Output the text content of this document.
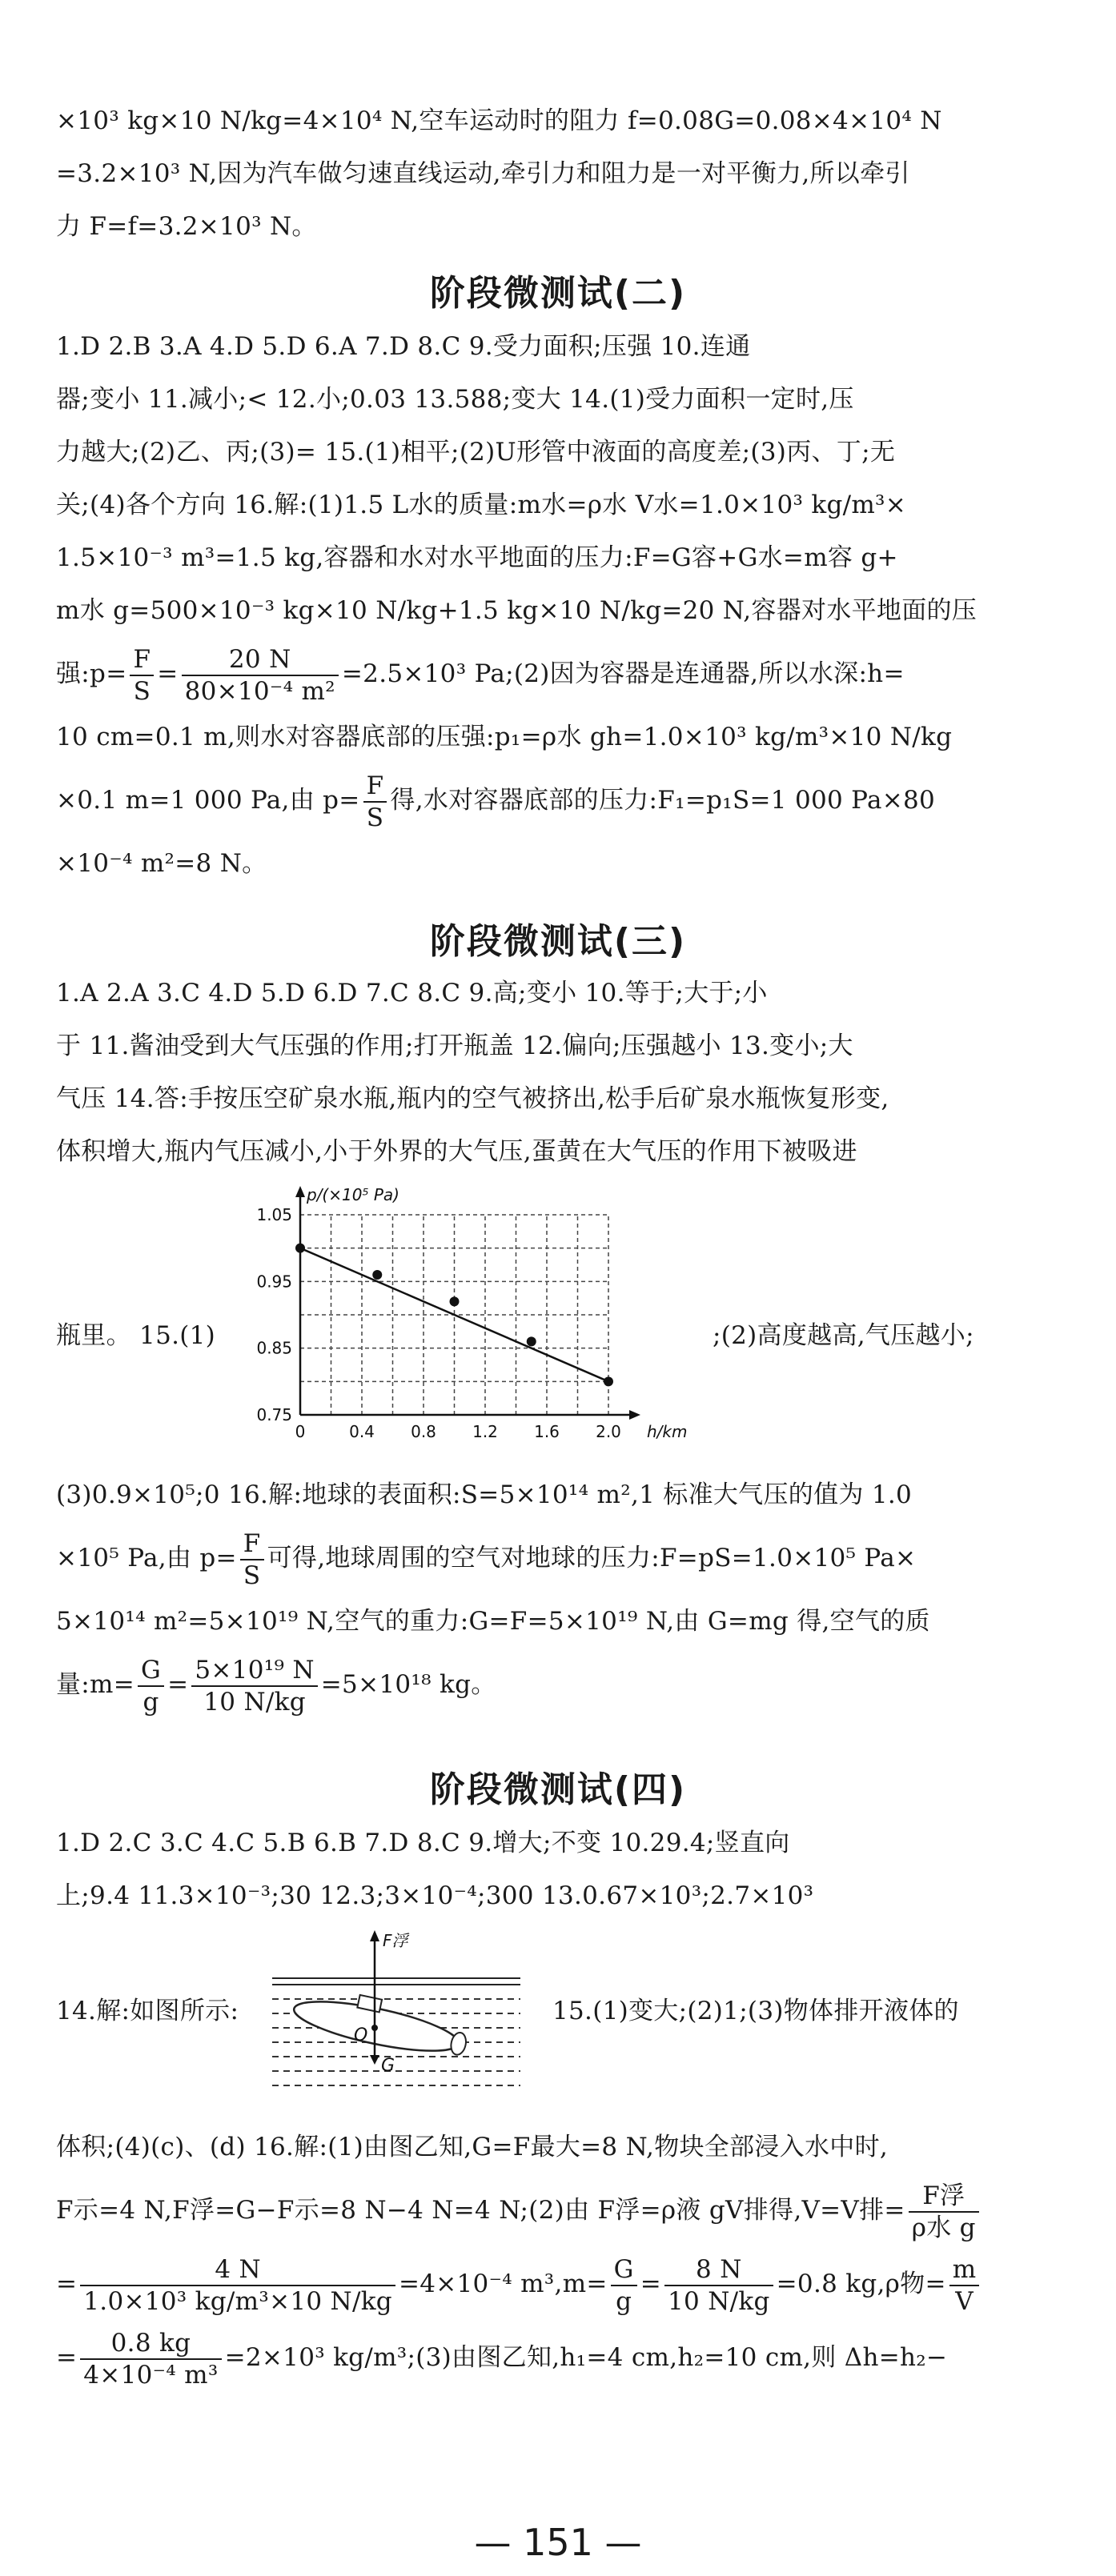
×10³ kg×10 N/kg=4×10⁴ N,空车运动时的阻力 f=0.08G=0.08×4×10⁴ N
=3.2×10³ N,因为汽车做匀速直线运动,牵引力和阻力是一对平衡力,所以牵引
力 F=f=3.2×10³ N。
阶段微测试(二)
1.D 2.B 3.A 4.D 5.D 6.A 7.D 8.C 9.受力面积;压强 10.连通
器;变小 11.减小;< 12.小;0.03 13.588;变大 14.(1)受力面积一定时,压
力越大;(2)乙、丙;(3)= 15.(1)相平;(2)U形管中液面的高度差;(3)丙、丁;无
关;(4)各个方向 16.解:(1)1.5 L水的质量:m水=ρ水 V水=1.0×10³ kg/m³×
1.5×10⁻³ m³=1.5 kg,容器和水对水平地面的压力:F=G容+G水=m容 g+
m水 g=500×10⁻³ kg×10 N/kg+1.5 kg×10 N/kg=20 N,容器对水平地面的压
强:p= $\frac{F}{S} = \frac{20 N}{\text{80×10⁻⁴ m²}} =2.5\times 10^3$ Pa;(2)因为容器是连通器,所以水深:h=
10 cm=0.1 m,则水对容器底部的压强:p₁=ρ水 gh=1.0×10³ kg/m³×10 N/kg
×0.1 m=1 000 Pa,由 $p= \frac{F}{S}$ 得,水对容器底部的压力:F₁=p₁S=1 000 Pa×80
×10⁻⁴ m²=8 N。
阶段微测试(三)
1.A 2.A 3.C 4.D 5.D 6.D 7.C 8.C 9.高;变小 10.等于;大于;小
于 11.酱油受到大气压强的作用;打开瓶盖 12.偏向;压强越小 13.变小;大
气压 14.答:手按压空矿泉水瓶,瓶内的空气被挤出,松手后矿泉水瓶恢复形变,
体积增大,瓶内气压减小,小于外界的大气压,蛋黄在大气压的作用下被吸进
瓶里。 15.(1)	;(2)高度越高,气压越小;
0	0.4 0.8 1.2 1.6 2.0
0.75
0.85
0.95
1.05
p/(×10⁵ Pa)
h/km
(3)0.9×10⁵;0 16.解:地球的表面积:S=5×10¹⁴ m²,1 标准大气压的值为 1.0
×10⁵ Pa,由 $p= \frac{F}{S}$ 可得,地球周围的空气对地球的压力:F=pS=1.0×10⁵ Pa×
5×10¹⁴ m²=5×10¹⁹ N,空气的重力:G=F=5×10¹⁹ N,由 G=mg 得,空气的质
量:m= $\frac{G}{g} = \frac{\text{5×10¹⁹ N}}{10 N/kg} =5\times 10^{18}$ kg。
阶段微测试(四)
1.D 2.C 3.C 4.C 5.B 6.B 7.D 8.C 9.增大;不变 10.29.4;竖直向
上;9.4 11.3×10⁻³;30 12.3;3×10⁻⁴;300 13.0.67×10³;2.7×10³
14.解:如图所示:	15.(1)变大;(2)1;(3)物体排开液体的
F浮
O
G
体积;(4)(c)、(d) 16.解:(1)由图乙知,G=F最大=8 N,物块全部浸入水中时,
F示=4 N,F浮=G−F示=8 N−4 N=4 N;(2)由 F浮=ρ液 gV排得,V=V排= $\frac{\text{F浮}}{\text{ρ水 g}}$
= $\frac{4 N}{\text{1.0×10³ kg/m³×10 N/kg}} =4\times 10^{-4}$ $m^3,m= \frac{G}{g} = \frac{8 N}{10 N/kg} =0.8$ kg,ρ物= $\frac{m}{V}$
= $\frac{0.8 kg}{\text{4×10⁻⁴ m³}} =2\times 10^3$ kg/m³;(3)由图乙知,h₁=4 cm,h₂=10 cm,则 Δh=h₂−
— 151 —
